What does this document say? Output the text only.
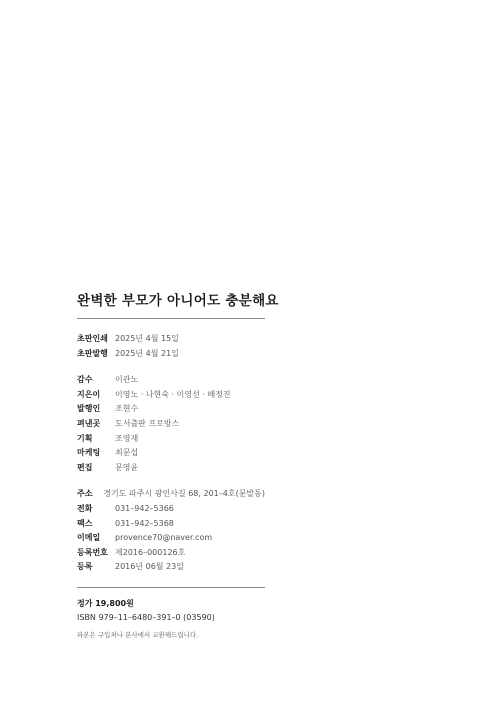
완벽한 부모가 아니어도 충분해요
초판인쇄 2025년 4월 15일
초판발행 2025년 4월 21일
감수	이관노
지은이	이영노 · 나현숙 · 이영선 · 배정진
발행인	조현수
펴낸곳	도서출판 프로방스
기획	조영재
마케팅	최문섭
편집	문영윤
주소	경기도 파주시 광인사길 68, 201–4호(문발동)
전화	031–942–5366
팩스	031–942–5368
이메일	provence70@naver.com
등록번호 제2016–000126호
등록	2016년 06월 23일
정가 19,800원
ISBN 979–11–6480–391–0 (03590)
파본은 구입처나 본사에서 교환해드립니다.
